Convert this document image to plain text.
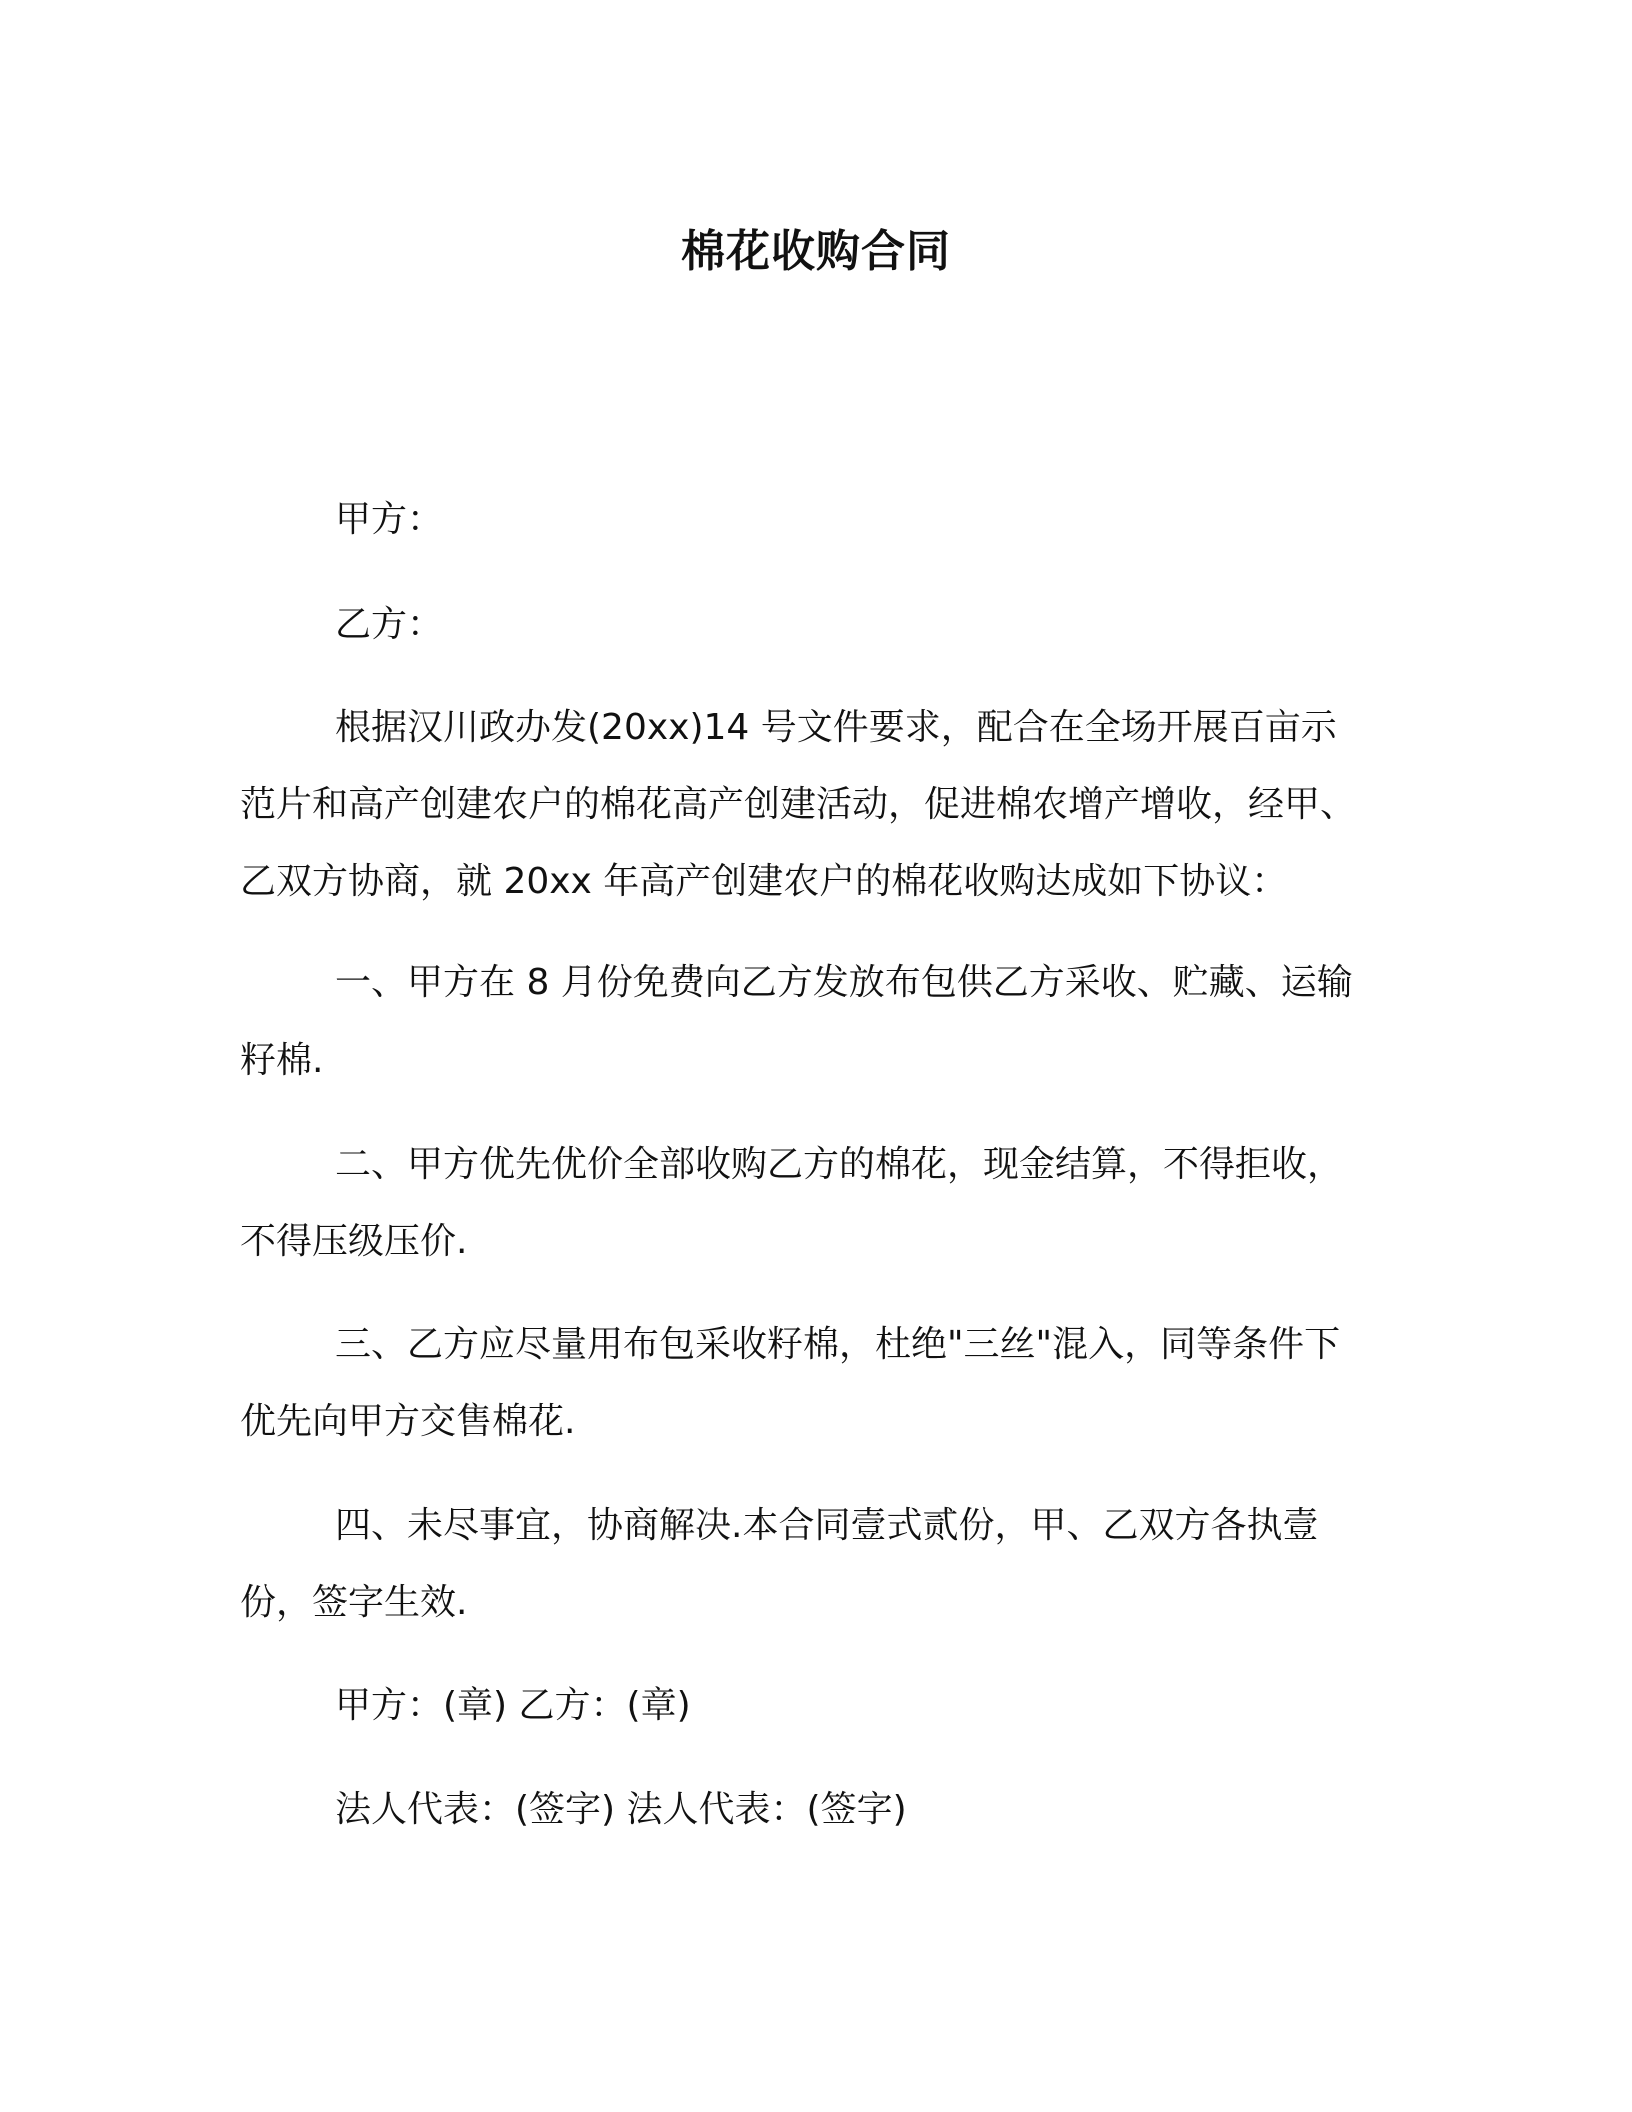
棉花收购合同
甲方：
乙方：
根据汉川政办发(20xx)14 号文件要求，配合在全场开展百亩示
范片和高产创建农户的棉花高产创建活动，促进棉农增产增收，经甲、
乙双方协商，就 20xx 年高产创建农户的棉花收购达成如下协议：
一、甲方在 8 月份免费向乙方发放布包供乙方采收、贮藏、运输
籽棉.
二、甲方优先优价全部收购乙方的棉花，现金结算，不得拒收，
不得压级压价.
三、乙方应尽量用布包采收籽棉，杜绝"三丝"混入，同等条件下
优先向甲方交售棉花.
四、未尽事宜，协商解决.本合同壹式贰份，甲、乙双方各执壹
份，签字生效.
甲方：(章) 乙方：(章)
法人代表：(签字) 法人代表：(签字)
